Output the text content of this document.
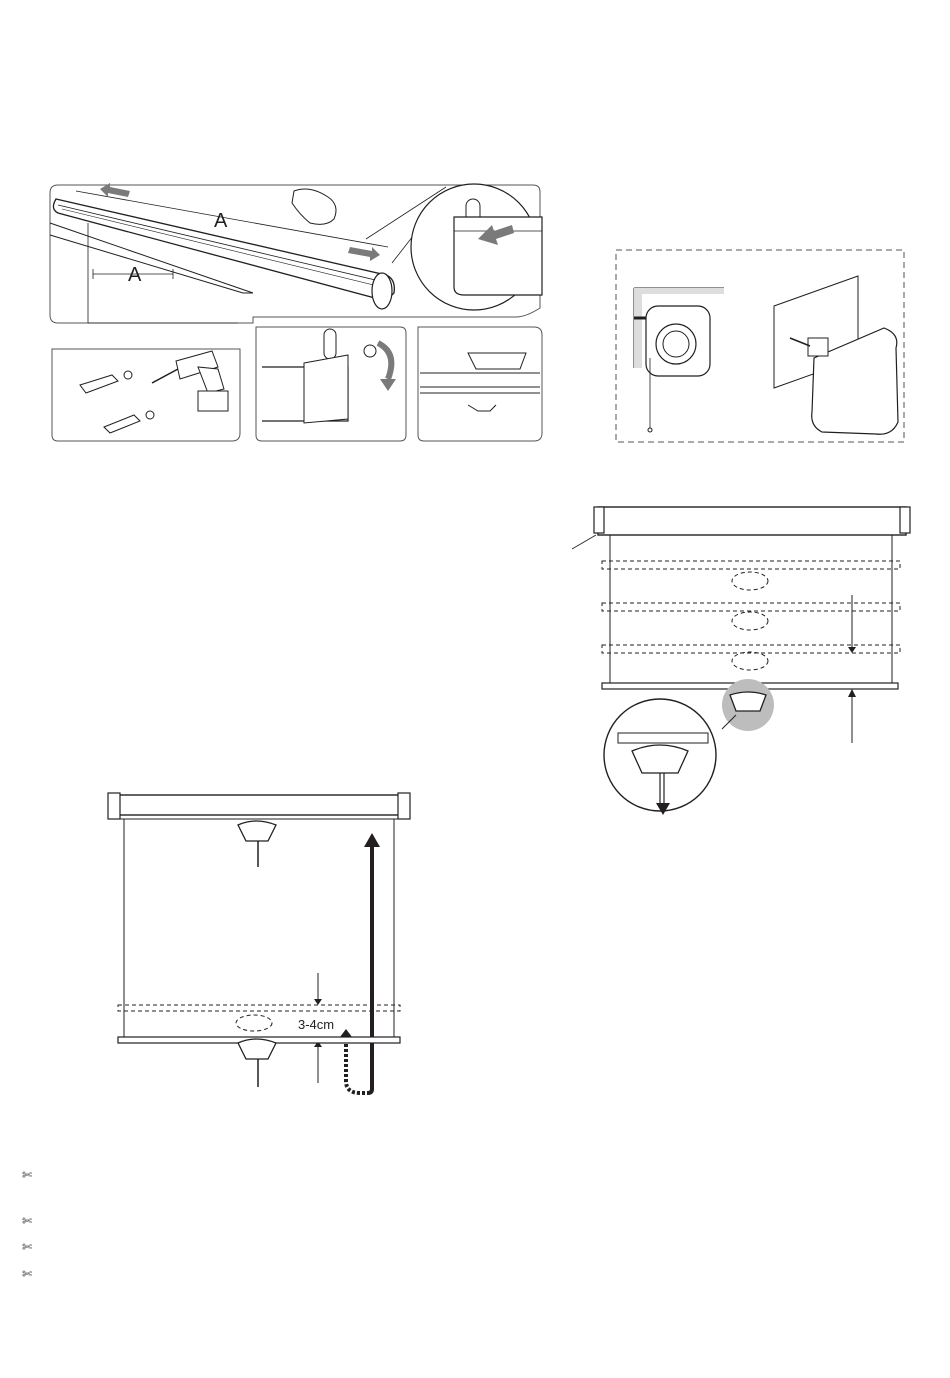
A
A
3-4cm
✄
✄
✄
✄
